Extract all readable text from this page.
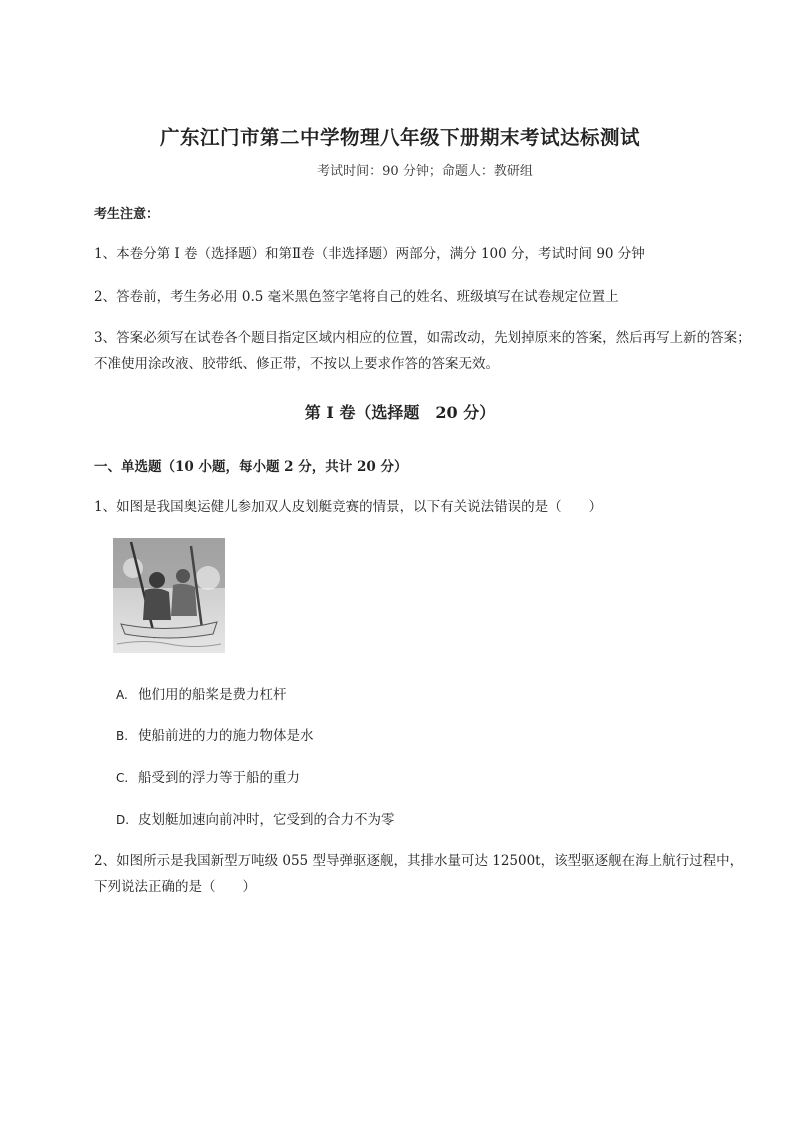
广东江门市第二中学物理八年级下册期末考试达标测试
考试时间：90 分钟；命题人：教研组
考生注意：
1、本卷分第 I 卷（选择题）和第Ⅱ卷（非选择题）两部分，满分 100 分，考试时间 90 分钟
2、答卷前，考生务必用 0.5 毫米黑色签字笔将自己的姓名、班级填写在试卷规定位置上
3、答案必须写在试卷各个题目指定区域内相应的位置，如需改动，先划掉原来的答案，然后再写上新的答案；不准使用涂改液、胶带纸、修正带，不按以上要求作答的答案无效。
第 I 卷（选择题　20 分）
一、单选题（10 小题，每小题 2 分，共计 20 分）
1、如图是我国奥运健儿参加双人皮划艇竞赛的情景，以下有关说法错误的是（　　）
A. 他们用的船桨是费力杠杆
B. 使船前进的力的施力物体是水
C. 船受到的浮力等于船的重力
D. 皮划艇加速向前冲时，它受到的合力不为零
2、如图所示是我国新型万吨级 055 型导弹驱逐舰，其排水量可达 12500t，该型驱逐舰在海上航行过程中，下列说法正确的是（　　）
